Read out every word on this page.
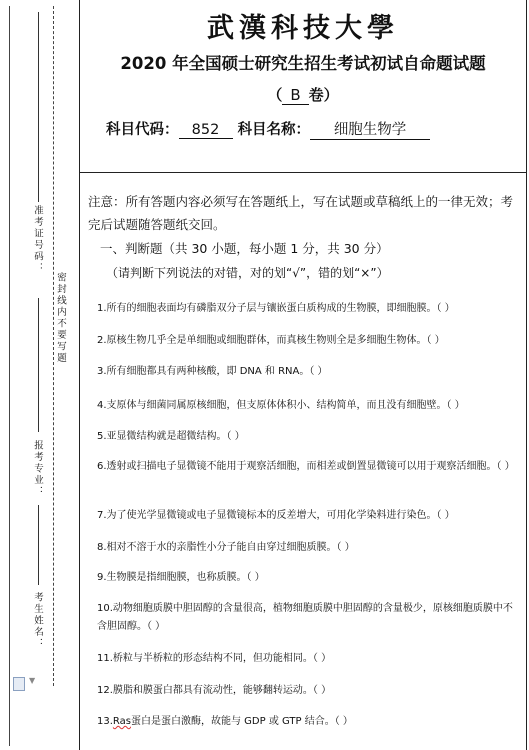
准考证号码：
密封线内不要写题
报考专业：
考生姓名：
▼
武漢科技大學
2020 年全国硕士研究生招生考试初试自命题试题
（ B 卷）
科目代码： 852 科目名称： 细胞生物学
注意：所有答题内容必须写在答题纸上，写在试题或草稿纸上的一律无效；考完后试题随答题纸交回。
一、判断题（共 30 小题，每小题 1 分，共 30 分）
（请判断下列说法的对错，对的划“√”，错的划“×”）
1.所有的细胞表面均有磷脂双分子层与镶嵌蛋白质构成的生物膜，即细胞膜。（ ）
2.原核生物几乎全是单细胞或细胞群体，而真核生物则全是多细胞生物体。（ ）
3.所有细胞都具有两种核酸，即 DNA 和 RNA。（ ）
4.支原体与细菌同属原核细胞，但支原体体积小、结构简单，而且没有细胞壁。（ ）
5.亚显微结构就是超微结构。（ ）
6.透射或扫描电子显微镜不能用于观察活细胞，而相差或倒置显微镜可以用于观察活细胞。（ ）
7.为了使光学显微镜或电子显微镜标本的反差增大，可用化学染料进行染色。（ ）
8.相对不溶于水的亲脂性小分子能自由穿过细胞质膜。（ ）
9.生物膜是指细胞膜，也称质膜。（ ）
10.动物细胞质膜中胆固醇的含量很高，植物细胞质膜中胆固醇的含量极少，原核细胞质膜中不含胆固醇。（ ）
11.桥粒与半桥粒的形态结构不同，但功能相同。（ ）
12.膜脂和膜蛋白都具有流动性，能够翻转运动。（ ）
13.Ras蛋白是蛋白激酶，故能与 GDP 或 GTP 结合。（ ）
